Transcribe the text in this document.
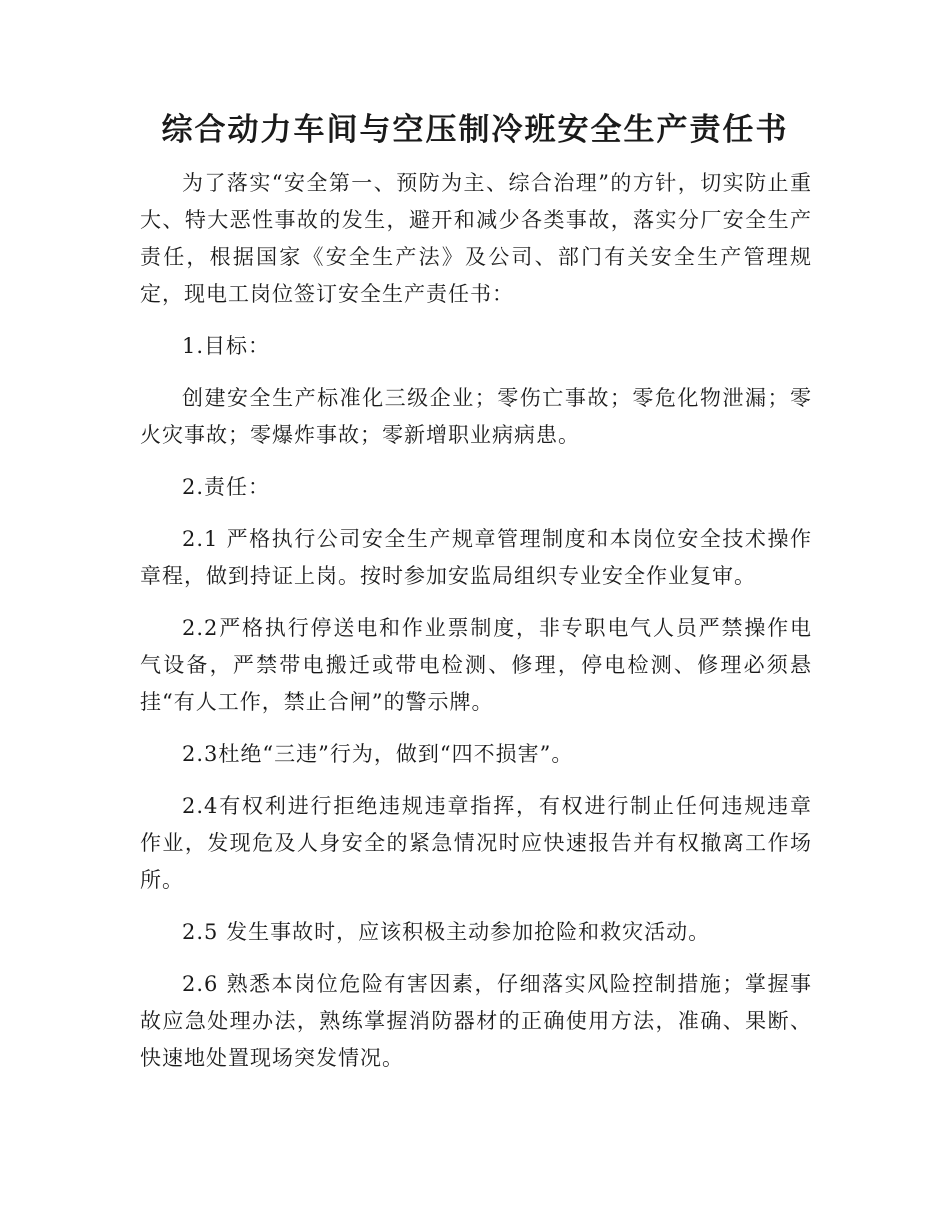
综合动力车间与空压制冷班安全生产责任书

为了落实“安全第一、预防为主、综合治理”的方针，切实防止重大、特大恶性事故的发生，避开和减少各类事故，落实分厂安全生产责任，根据国家《安全生产法》及公司、部门有关安全生产管理规定，现电工岗位签订安全生产责任书：

1.目标：

创建安全生产标准化三级企业；零伤亡事故；零危化物泄漏；零火灾事故；零爆炸事故；零新增职业病病患。

2.责任：

2.1 严格执行公司安全生产规章管理制度和本岗位安全技术操作章程，做到持证上岗。按时参加安监局组织专业安全作业复审。

2.2严格执行停送电和作业票制度，非专职电气人员严禁操作电气设备，严禁带电搬迁或带电检测、修理，停电检测、修理必须悬挂“有人工作，禁止合闸”的警示牌。

2.3杜绝“三违”行为，做到“四不损害”。

2.4有权利进行拒绝违规违章指挥，有权进行制止任何违规违章作业，发现危及人身安全的紧急情况时应快速报告并有权撤离工作场所。

2.5 发生事故时，应该积极主动参加抢险和救灾活动。

2.6 熟悉本岗位危险有害因素，仔细落实风险控制措施；掌握事故应急处理办法，熟练掌握消防器材的正确使用方法，准确、果断、快速地处置现场突发情况。
